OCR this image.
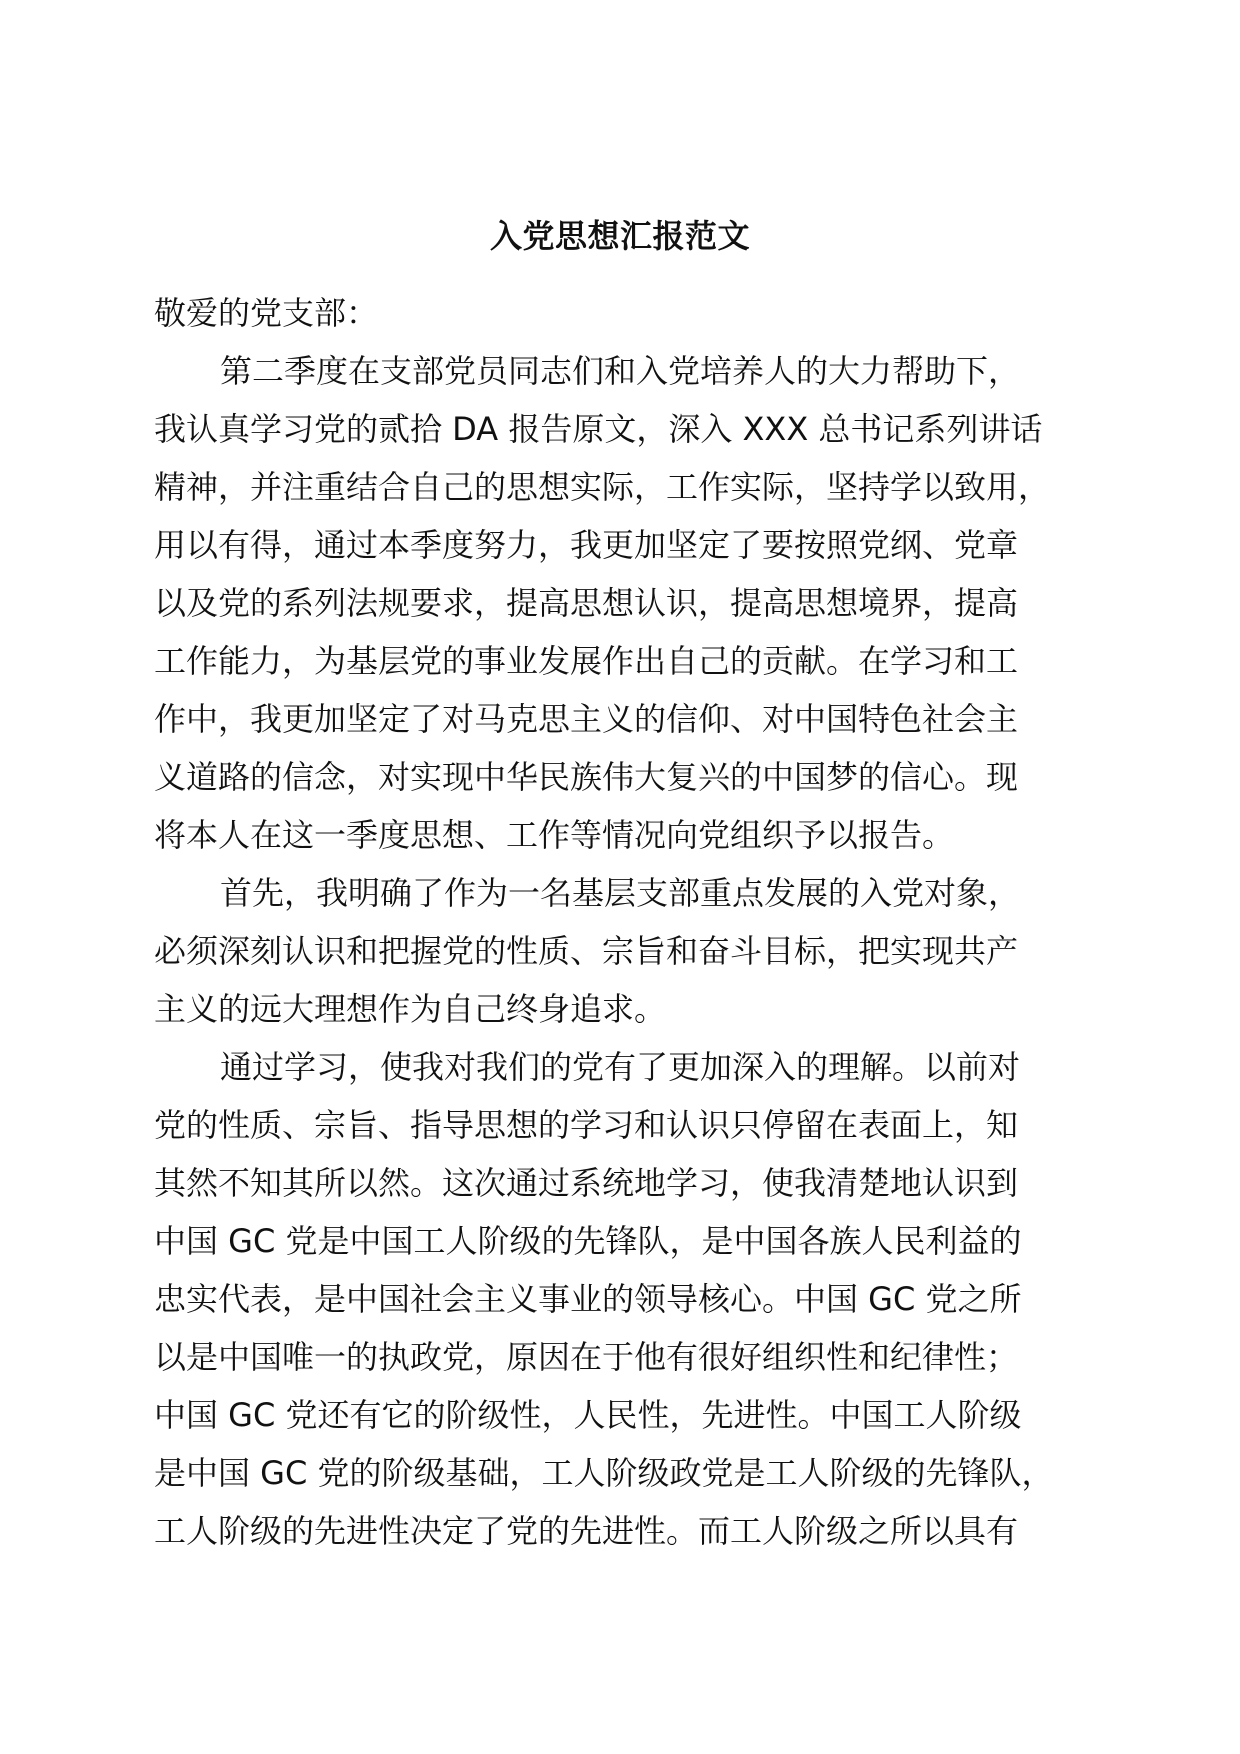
入党思想汇报范文
敬爱的党支部：
第二季度在支部党员同志们和入党培养人的大力帮助下，
我认真学习党的贰拾 DA 报告原文，深入 XXX 总书记系列讲话
精神，并注重结合自己的思想实际，工作实际，坚持学以致用，
用以有得，通过本季度努力，我更加坚定了要按照党纲、党章
以及党的系列法规要求，提高思想认识，提高思想境界，提高
工作能力，为基层党的事业发展作出自己的贡献。在学习和工
作中，我更加坚定了对马克思主义的信仰、对中国特色社会主
义道路的信念，对实现中华民族伟大复兴的中国梦的信心。现
将本人在这一季度思想、工作等情况向党组织予以报告。
首先，我明确了作为一名基层支部重点发展的入党对象，
必须深刻认识和把握党的性质、宗旨和奋斗目标，把实现共产
主义的远大理想作为自己终身追求。
通过学习，使我对我们的党有了更加深入的理解。以前对
党的性质、宗旨、指导思想的学习和认识只停留在表面上，知
其然不知其所以然。这次通过系统地学习，使我清楚地认识到
中国 GC 党是中国工人阶级的先锋队，是中国各族人民利益的
忠实代表，是中国社会主义事业的领导核心。中国 GC 党之所
以是中国唯一的执政党，原因在于他有很好组织性和纪律性；
中国 GC 党还有它的阶级性，人民性，先进性。中国工人阶级
是中国 GC 党的阶级基础，工人阶级政党是工人阶级的先锋队，
工人阶级的先进性决定了党的先进性。而工人阶级之所以具有
